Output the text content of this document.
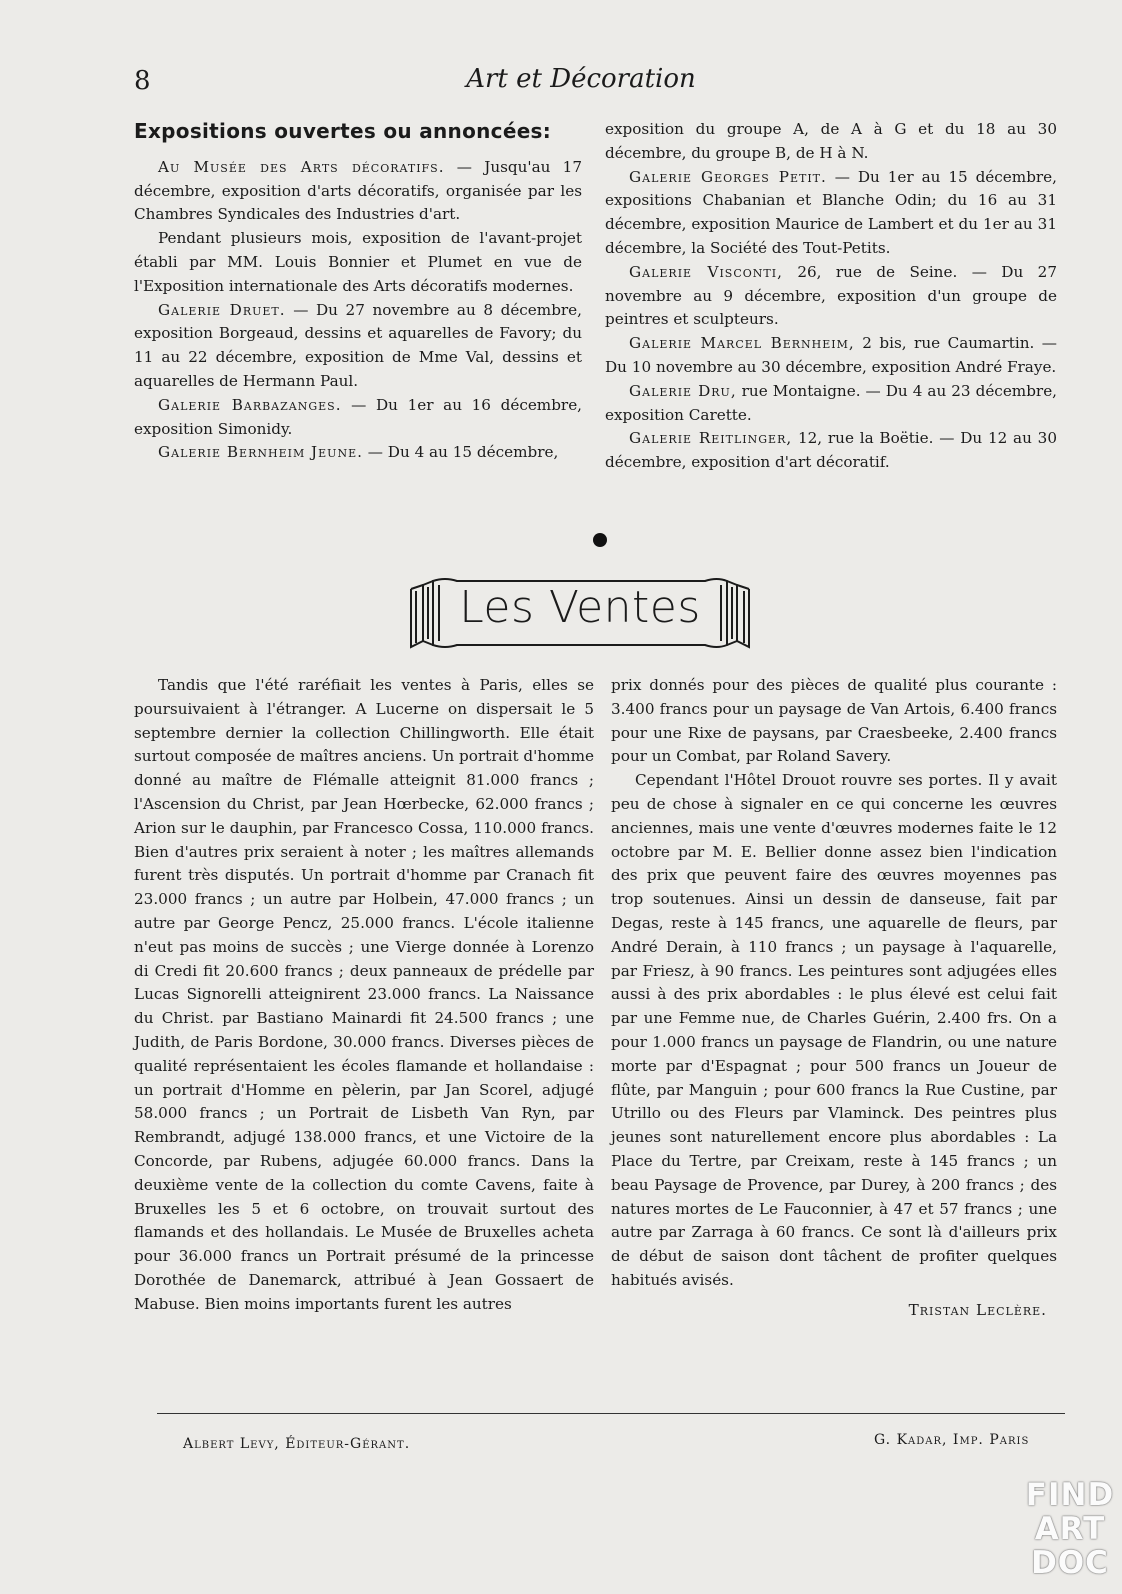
8	Art et Décoration
Expositions ouvertes ou annoncées:

Au Musée des Arts décoratifs. — Jusqu'au 17 décembre, exposition d'arts décoratifs, organisée par les Chambres Syndicales des Industries d'art.

Pendant plusieurs mois, exposition de l'avant-projet établi par MM. Louis Bonnier et Plumet en vue de l'Exposition internationale des Arts décoratifs modernes.

Galerie Druet. — Du 27 novembre au 8 décembre, exposition Borgeaud, dessins et aquarelles de Favory; du 11 au 22 décembre, exposition de Mme Val, dessins et aquarelles de Hermann Paul.

Galerie Barbazanges. — Du 1er au 16 décembre, exposition Simonidy.

Galerie Bernheim Jeune. — Du 4 au 15 décembre,

exposition du groupe A, de A à G et du 18 au 30 décembre, du groupe B, de H à N.

Galerie Georges Petit. — Du 1er au 15 décembre, expositions Chabanian et Blanche Odin; du 16 au 31 décembre, exposition Maurice de Lambert et du 1er au 31 décembre, la Société des Tout-Petits.

Galerie Visconti, 26, rue de Seine. — Du 27 novembre au 9 décembre, exposition d'un groupe de peintres et sculpteurs.

Galerie Marcel Bernheim, 2 bis, rue Caumartin. — Du 10 novembre au 30 décembre, exposition André Fraye.

Galerie Dru, rue Montaigne. — Du 4 au 23 décembre, exposition Carette.

Galerie Reitlinger, 12, rue la Boëtie. — Du 12 au 30 décembre, exposition d'art décoratif.

Les Ventes

Tandis que l'été raréfiait les ventes à Paris, elles se poursuivaient à l'étranger. A Lucerne on dispersait le 5 septembre dernier la collection Chillingworth. Elle était surtout composée de maîtres anciens. Un portrait d'homme donné au maître de Flémalle atteignit 81.000 francs ; l'Ascension du Christ, par Jean Hœrbecke, 62.000 francs ; Arion sur le dauphin, par Francesco Cossa, 110.000 francs. Bien d'autres prix seraient à noter ; les maîtres allemands furent très disputés. Un portrait d'homme par Cranach fit 23.000 francs ; un autre par Holbein, 47.000 francs ; un autre par George Pencz, 25.000 francs. L'école italienne n'eut pas moins de succès ; une Vierge donnée à Lorenzo di Credi fit 20.600 francs ; deux panneaux de prédelle par Lucas Signorelli atteignirent 23.000 francs. La Naissance du Christ. par Bastiano Mainardi fit 24.500 francs ; une Judith, de Paris Bordone, 30.000 francs. Diverses pièces de qualité représentaient les écoles flamande et hollandaise : un portrait d'Homme en pèlerin, par Jan Scorel, adjugé 58.000 francs ; un Portrait de Lisbeth Van Ryn, par Rembrandt, adjugé 138.000 francs, et une Victoire de la Concorde, par Rubens, adjugée 60.000 francs. Dans la deuxième vente de la collection du comte Cavens, faite à Bruxelles les 5 et 6 octobre, on trouvait surtout des flamands et des hollandais. Le Musée de Bruxelles acheta pour 36.000 francs un Portrait présumé de la princesse Dorothée de Danemarck, attribué à Jean Gossaert de Mabuse. Bien moins importants furent les autres

prix donnés pour des pièces de qualité plus courante : 3.400 francs pour un paysage de Van Artois, 6.400 francs pour une Rixe de paysans, par Craesbeeke, 2.400 francs pour un Combat, par Roland Savery.

Cependant l'Hôtel Drouot rouvre ses portes. Il y avait peu de chose à signaler en ce qui concerne les œuvres anciennes, mais une vente d'œuvres modernes faite le 12 octobre par M. E. Bellier donne assez bien l'indication des prix que peuvent faire des œuvres moyennes pas trop soutenues. Ainsi un dessin de danseuse, fait par Degas, reste à 145 francs, une aquarelle de fleurs, par André Derain, à 110 francs ; un paysage à l'aquarelle, par Friesz, à 90 francs. Les peintures sont adjugées elles aussi à des prix abordables : le plus élevé est celui fait par une Femme nue, de Charles Guérin, 2.400 frs. On a pour 1.000 francs un paysage de Flandrin, ou une nature morte par d'Espagnat ; pour 500 francs un Joueur de flûte, par Manguin ; pour 600 francs la Rue Custine, par Utrillo ou des Fleurs par Vlaminck. Des peintres plus jeunes sont naturellement encore plus abordables : La Place du Tertre, par Creixam, reste à 145 francs ; un beau Paysage de Provence, par Durey, à 200 francs ; des natures mortes de Le Fauconnier, à 47 et 57 francs ; une autre par Zarraga à 60 francs. Ce sont là d'ailleurs prix de début de saison dont tâchent de profiter quelques habitués avisés.

Tristan Leclère.
Albert Levy, Éditeur-Gérant.	G. Kadar, Imp. Paris
FIND
ART
DOC
